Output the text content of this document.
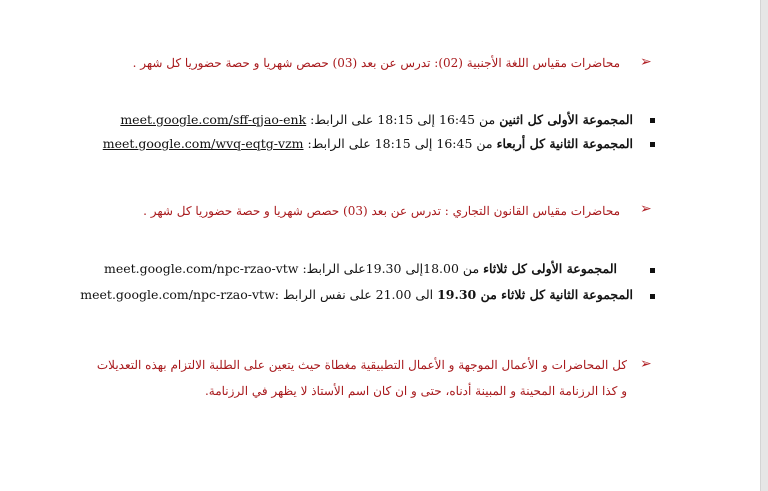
➢
محاضرات مقياس اللغة الأجنبية (02): تدرس عن بعد (03) حصص شهريا و حصة حضوريا كل شهر .
المجموعة الأولى كل اثنين من 16:45 إلى 18:15 على الرابط: meet.google.com/sff-qjao-enk
المجموعة الثانية كل أربعاء من 16:45 إلى 18:15 على الرابط: meet.google.com/wvq-eqtg-vzm
➢
محاضرات مقياس القانون التجاري : تدرس عن بعد (03) حصص شهريا و حصة حضوريا كل شهر .
المجموعة الأولى كل ثلاثاء من 18.00إلى 19.30على الرابط: meet.google.com/npc-rzao-vtw
المجموعة الثانية كل ثلاثاء من 19.30 الى 21.00 على نفس الرابط meet.google.com/npc-rzao-vtw:
➢
كل المحاضرات و الأعمال الموجهة و الأعمال التطبيقية مغطاة حيث يتعين على الطلبة الالتزام بهذه التعديلات
و كذا الرزنامة المحينة و المبينة أدناه، حتى و ان كان اسم الأستاذ لا يظهر في الرزنامة.
